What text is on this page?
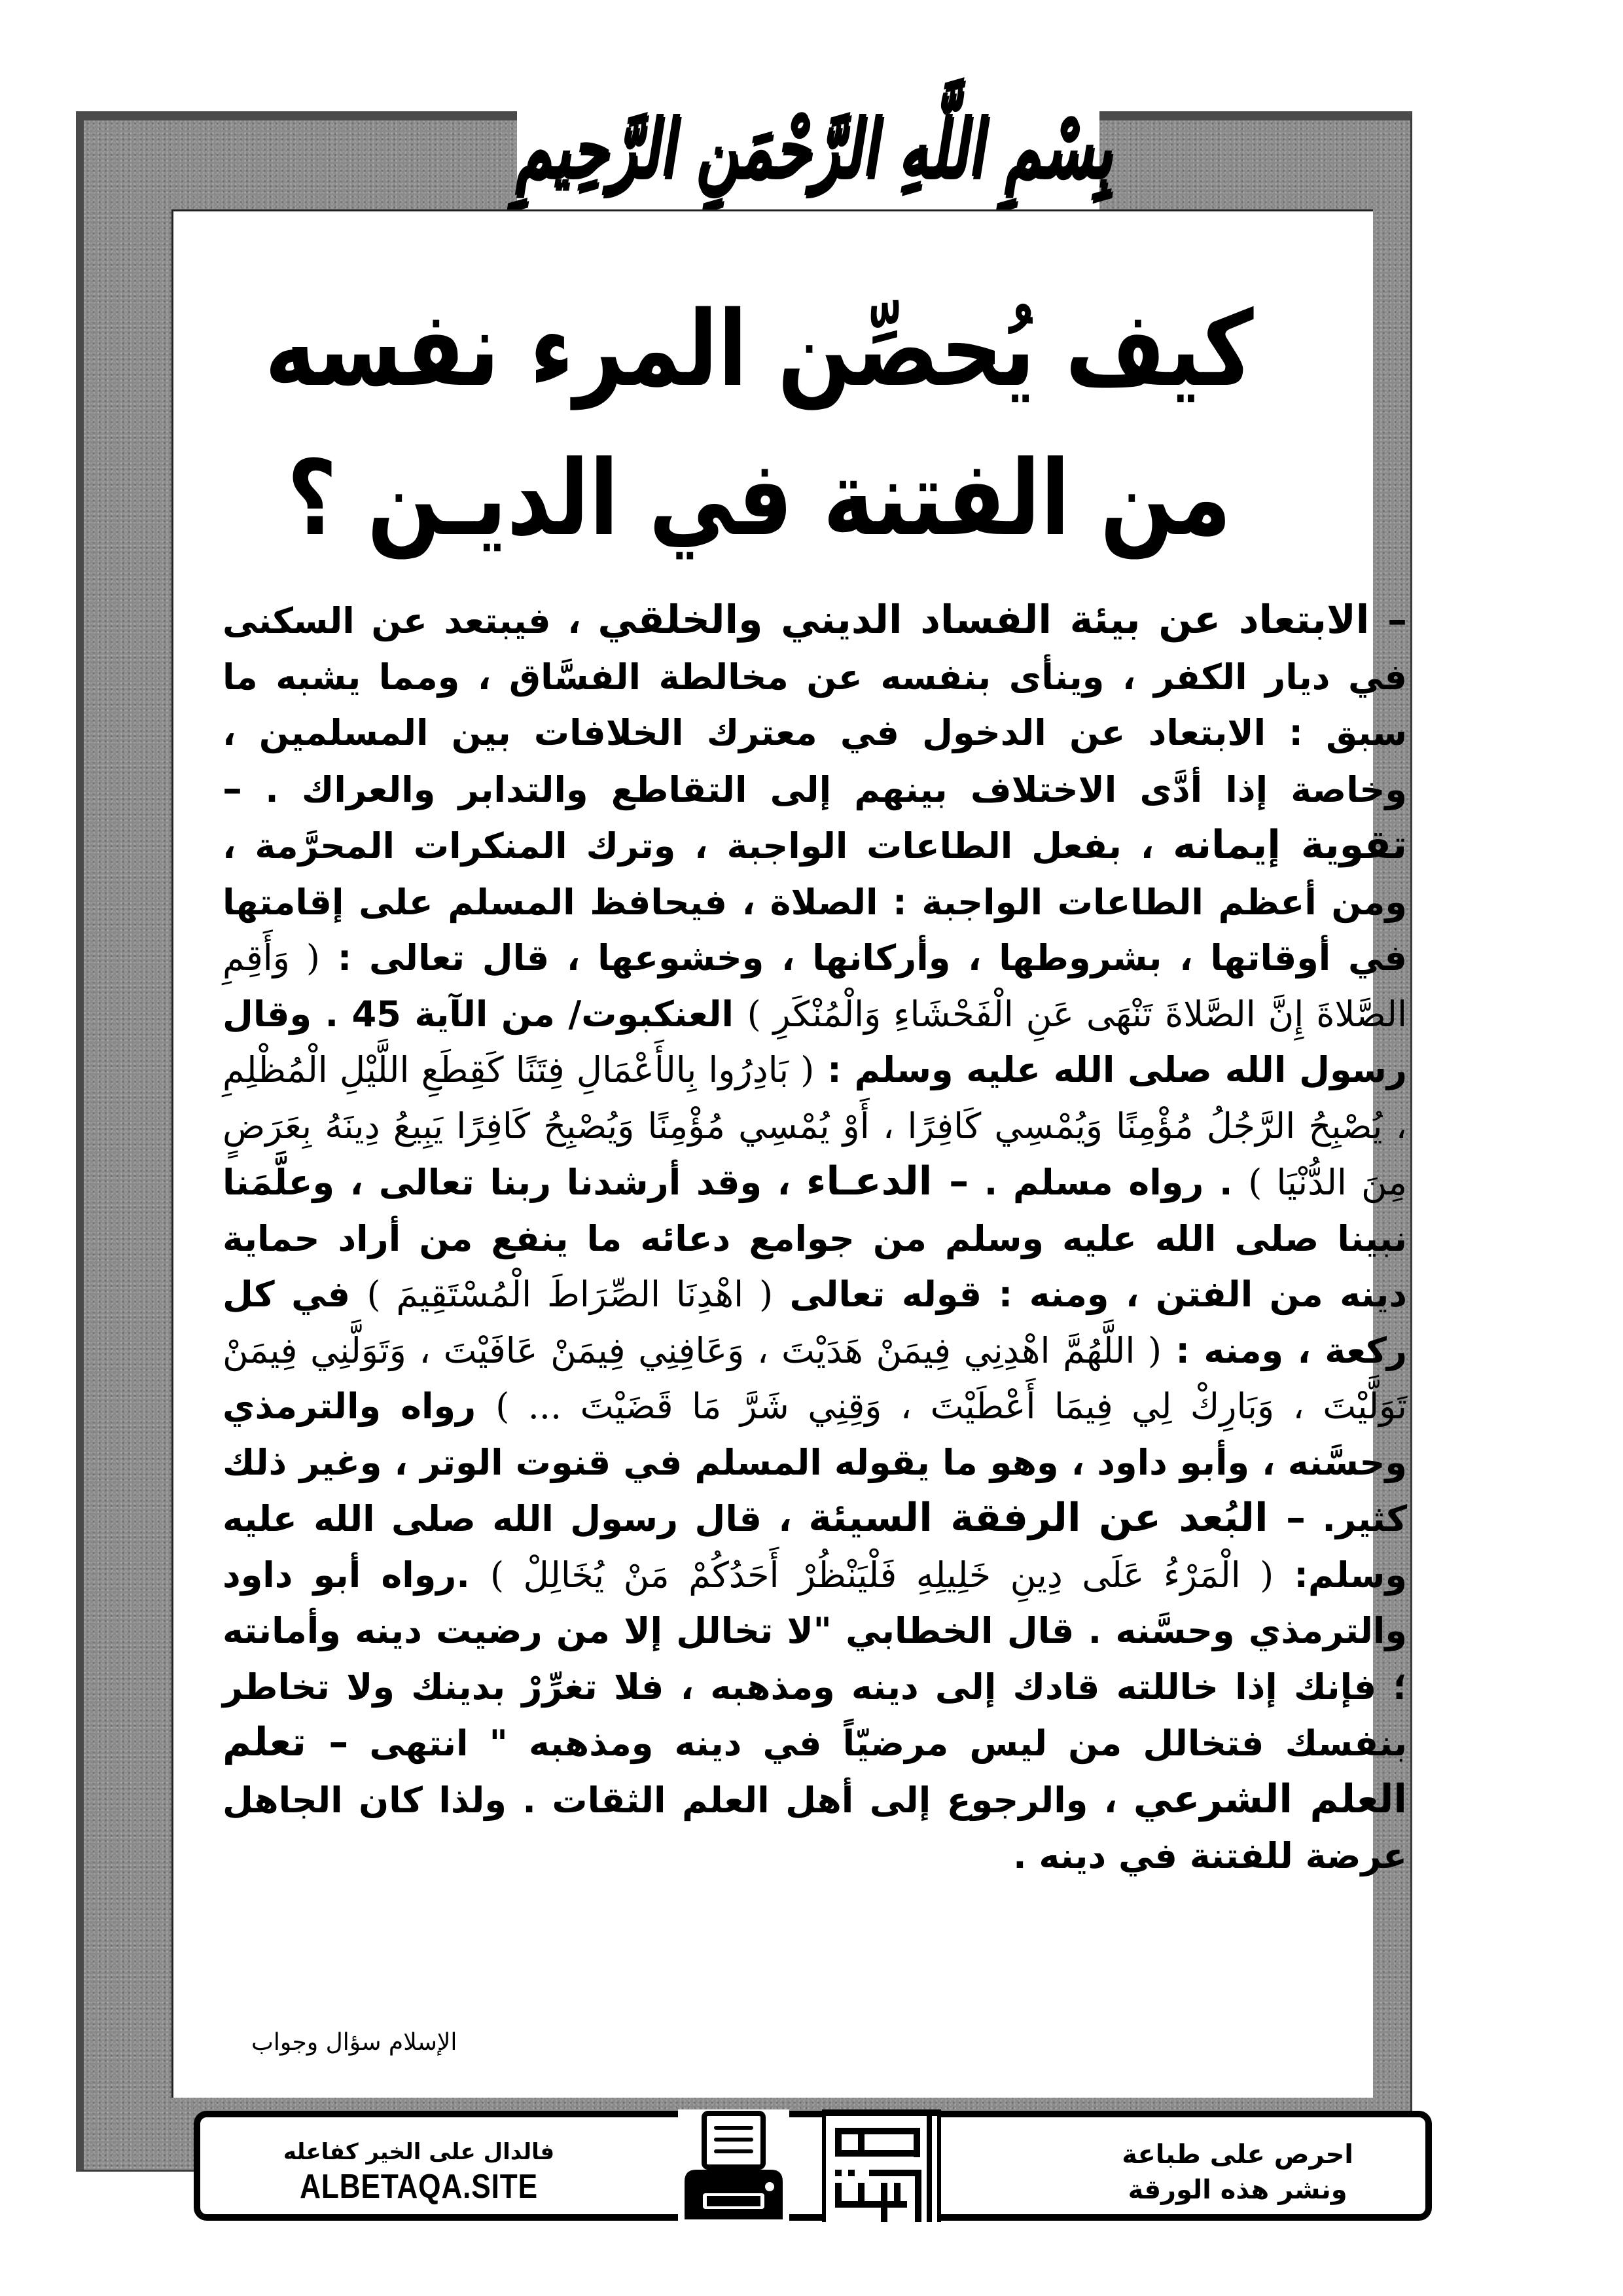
بِسْمِ اللَّهِ الرَّحْمَنِ الرَّحِيمِ
كيف يُحصِّن المرء نفسه
من الفتنة في الديـن ؟
– الابتعاد عن بيئة الفساد الديني والخلقي ، فيبتعد عن السكنى في ديار الكفر ، وينأى بنفسه عن مخالطة الفسَّاق ، ومما يشبه ما سبق : الابتعاد عن الدخول في معترك الخلافات بين المسلمين ، وخاصة إذا أدَّى الاختلاف بينهم إلى التقاطع والتدابر والعراك . – تقوية إيمانه ، بفعل الطاعات الواجبة ، وترك المنكرات المحرَّمة ، ومن أعظم الطاعات الواجبة : الصلاة ، فيحافظ المسلم على إقامتها في أوقاتها ، بشروطها ، وأركانها ، وخشوعها ، قال تعالى : ( وَأَقِمِ الصَّلاةَ إِنَّ الصَّلاةَ تَنْهَى عَنِ الْفَحْشَاءِ وَالْمُنْكَرِ ) العنكبوت/ من الآية 45 . وقال رسول الله صلى الله عليه وسلم : ( بَادِرُوا بِالأَعْمَالِ فِتَنًا كَقِطَعِ اللَّيْلِ الْمُظْلِمِ ، يُصْبِحُ الرَّجُلُ مُؤْمِنًا وَيُمْسِي كَافِرًا ، أَوْ يُمْسِي مُؤْمِنًا وَيُصْبِحُ كَافِرًا يَبِيعُ دِينَهُ بِعَرَضٍ مِنَ الدُّنْيَا ) . رواه مسلم . – الدعـاء ، وقد أرشدنا ربنا تعالى ، وعلَّمَنا نبينا صلى الله عليه وسلم من جوامع دعائه ما ينفع من أراد حماية دينه من الفتن ، ومنه : قوله تعالى ( اهْدِنَا الصِّرَاطَ الْمُسْتَقِيمَ ) في كل ركعة ، ومنه : ( اللَّهُمَّ اهْدِنِي فِيمَنْ هَدَيْتَ ، وَعَافِنِي فِيمَنْ عَافَيْتَ ، وَتَوَلَّنِي فِيمَنْ تَوَلَّيْتَ ، وَبَارِكْ لِي فِيمَا أَعْطَيْتَ ، وَقِنِي شَرَّ مَا قَضَيْتَ ... ) رواه والترمذي وحسَّنه ، وأبو داود ، وهو ما يقوله المسلم في قنوت الوتر ، وغير ذلك كثير. – البُعد عن الرفقة السيئة ، قال رسول الله صلى الله عليه وسلم: ( الْمَرْءُ عَلَى دِينِ خَلِيلِهِ فَلْيَنْظُرْ أَحَدُكُمْ مَنْ يُخَالِلْ ) .رواه أبو داود والترمذي وحسَّنه . قال الخطابي "لا تخالل إلا من رضيت دينه وأمانته ؛ فإنك إذا خاللته قادك إلى دينه ومذهبه ، فلا تغرِّرْ بدينك ولا تخاطر بنفسك فتخالل من ليس مرضيّاً في دينه ومذهبه " انتهى – تعلم العلم الشرعي ، والرجوع إلى أهل العلم الثقات . ولذا كان الجاهل عرضة للفتنة في دينه .
الإسلام سؤال وجواب
احرص على طباعة
ونشر هذه الورقة
فالدال على الخير كفاعله
ALBETAQA.SITE
